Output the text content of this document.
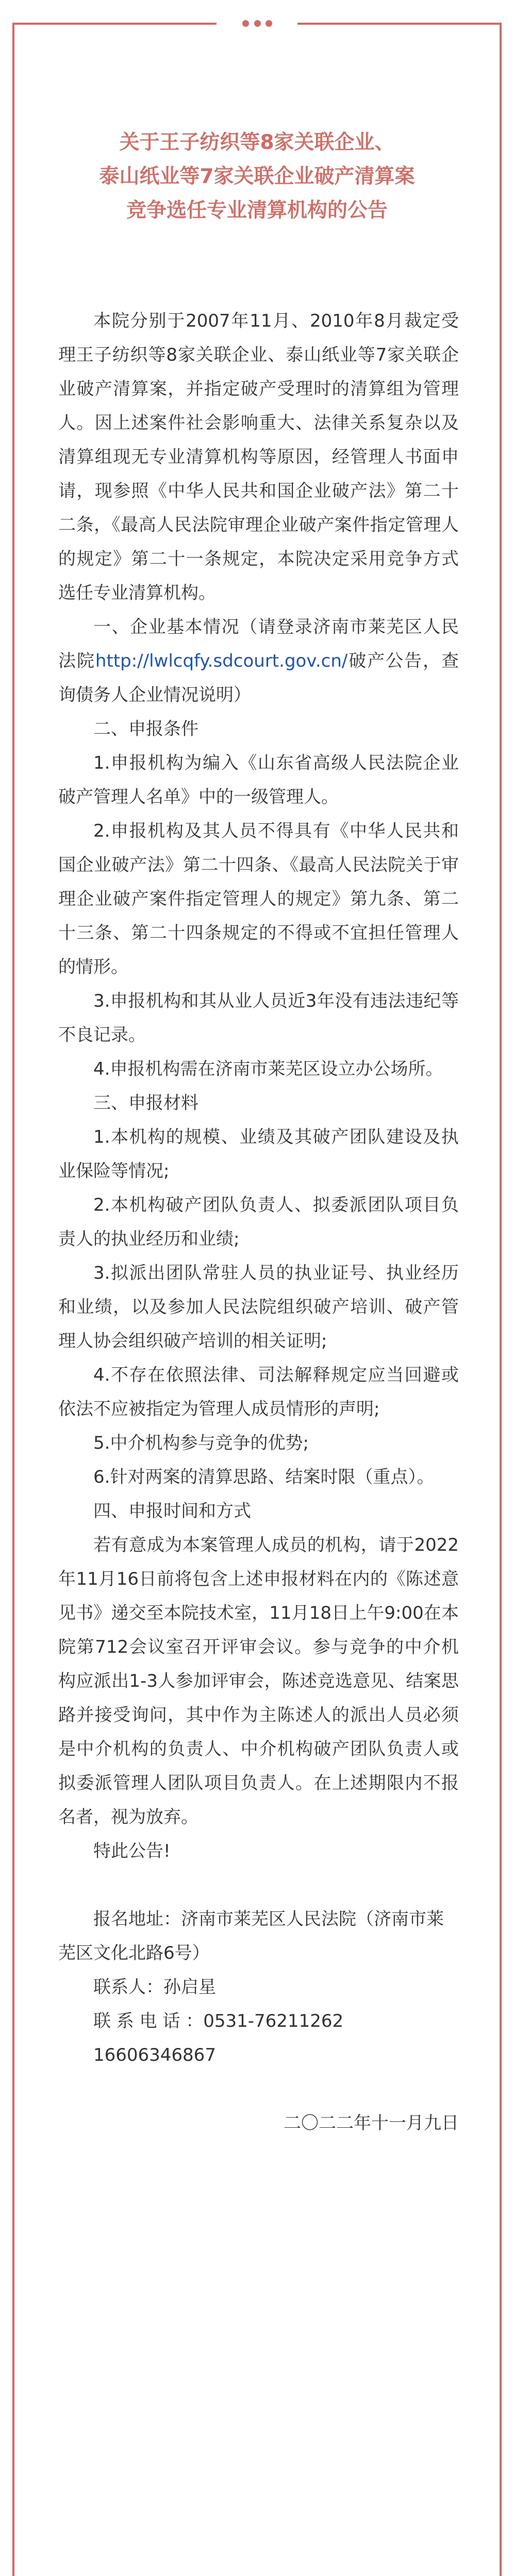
关于王子纺织等8家关联企业、
泰山纸业等7家关联企业破产清算案
竞争选任专业清算机构的公告

本院分别于2007年11月、2010年8月裁定受理王子纺织等8家关联企业、泰山纸业等7家关联企业破产清算案，并指定破产受理时的清算组为管理人。因上述案件社会影响重大、法律关系复杂以及清算组现无专业清算机构等原因，经管理人书面申请，现参照《中华人民共和国企业破产法》第二十二条，《最高人民法院审理企业破产案件指定管理人的规定》第二十一条规定，本院决定采用竞争方式选任专业清算机构。

一、企业基本情况（请登录济南市莱芜区人民法院http://lwlcqfy.sdcourt.gov.cn/破产公告，查询债务人企业情况说明）

二、申报条件

1.申报机构为编入《山东省高级人民法院企业破产管理人名单》中的一级管理人。

2.申报机构及其人员不得具有《中华人民共和国企业破产法》第二十四条、《最高人民法院关于审理企业破产案件指定管理人的规定》第九条、第二十三条、第二十四条规定的不得或不宜担任管理人的情形。

3.申报机构和其从业人员近3年没有违法违纪等不良记录。

4.申报机构需在济南市莱芜区设立办公场所。

三、申报材料

1.本机构的规模、业绩及其破产团队建设及执业保险等情况;

2.本机构破产团队负责人、拟委派团队项目负责人的执业经历和业绩;

3.拟派出团队常驻人员的执业证号、执业经历和业绩，以及参加人民法院组织破产培训、破产管理人协会组织破产培训的相关证明;

4.不存在依照法律、司法解释规定应当回避或依法不应被指定为管理人成员情形的声明;

5.中介机构参与竞争的优势;

6.针对两案的清算思路、结案时限（重点）。

四、申报时间和方式

若有意成为本案管理人成员的机构，请于2022年11月16日前将包含上述申报材料在内的《陈述意见书》递交至本院技术室，11月18日上午9:00在本院第712会议室召开评审会议。参与竞争的中介机构应派出1-3人参加评审会，陈述竞选意见、结案思路并接受询问，其中作为主陈述人的派出人员必须是中介机构的负责人、中介机构破产团队负责人或拟委派管理人团队项目负责人。在上述期限内不报名者，视为放弃。

特此公告!

报名地址：济南市莱芜区人民法院（济南市莱芜区文化北路6号）

联系人：孙启星

联 系 电 话 ：0531-76211262

16606346867

二〇二二年十一月九日
